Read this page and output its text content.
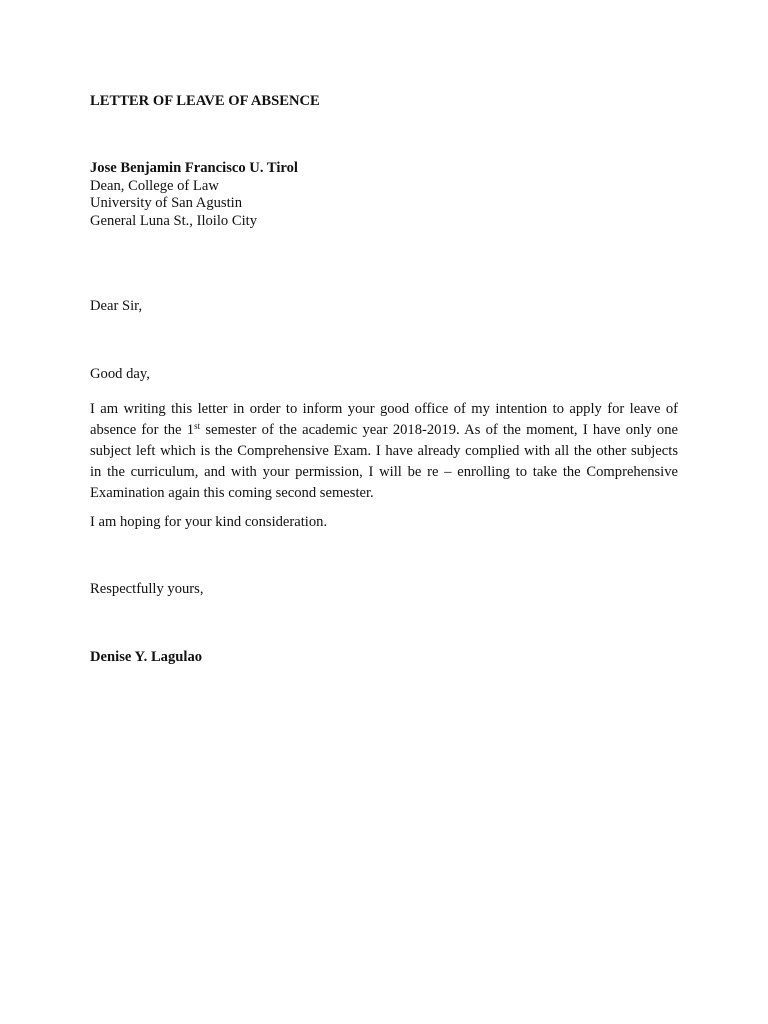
LETTER OF LEAVE OF ABSENCE

Jose Benjamin Francisco U. Tirol
Dean, College of Law
University of San Agustin
General Luna St., Iloilo City

Dear Sir,

Good day,

I am writing this letter in order to inform your good office of my intention to apply for leave of absence for the 1st semester of the academic year 2018-2019. As of the moment, I have only one subject left which is the Comprehensive Exam. I have already complied with all the other subjects in the curriculum, and with your permission, I will be re – enrolling to take the Comprehensive Examination again this coming second semester.

I am hoping for your kind consideration.

Respectfully yours,

Denise Y. Lagulao
